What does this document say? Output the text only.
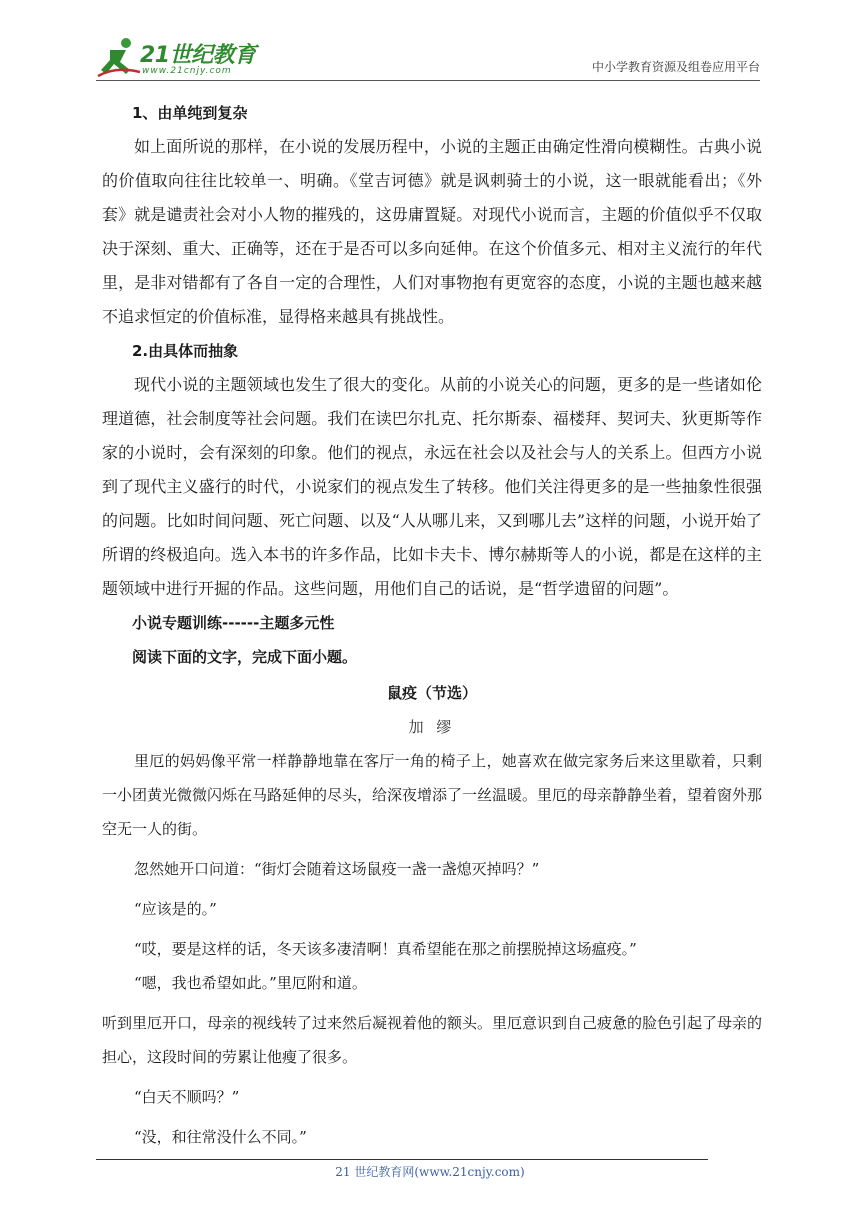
21世纪教育
www.21cnjy.com	中小学教育资源及组卷应用平台
1、由单纯到复杂

如上面所说的那样，在小说的发展历程中，小说的主题正由确定性滑向模糊性。古典小说的价值取向往往比较单一、明确。《堂吉诃德》就是讽刺骑士的小说，这一眼就能看出；《外套》就是谴责社会对小人物的摧残的，这毋庸置疑。对现代小说而言，主题的价值似乎不仅取决于深刻、重大、正确等，还在于是否可以多向延伸。在这个价值多元、相对主义流行的年代里，是非对错都有了各自一定的合理性，人们对事物抱有更宽容的态度，小说的主题也越来越不追求恒定的价值标准，显得格来越具有挑战性。

2.由具体而抽象

现代小说的主题领域也发生了很大的变化。从前的小说关心的问题，更多的是一些诸如伦理道德，社会制度等社会问题。我们在读巴尔扎克、托尔斯泰、福楼拜、契诃夫、狄更斯等作家的小说时，会有深刻的印象。他们的视点，永远在社会以及社会与人的关系上。但西方小说到了现代主义盛行的时代，小说家们的视点发生了转移。他们关注得更多的是一些抽象性很强的问题。比如时间问题、死亡问题、以及“人从哪儿来，又到哪儿去”这样的问题，小说开始了所谓的终极追向。选入本书的许多作品，比如卡夫卡、博尔赫斯等人的小说，都是在这样的主题领域中进行开掘的作品。这些问题，用他们自己的话说，是“哲学遗留的问题”。

小说专题训练------主题多元性
阅读下面的文字，完成下面小题。
鼠疫（节选）
加 缪

里厄的妈妈像平常一样静静地靠在客厅一角的椅子上，她喜欢在做完家务后来这里歇着，只剩一小团黄光微微闪烁在马路延伸的尽头，给深夜增添了一丝温暖。里厄的母亲静静坐着，望着窗外那空无一人的街。

忽然她开口问道：“街灯会随着这场鼠疫一盏一盏熄灭掉吗？”

“应该是的。”

“哎，要是这样的话，冬天该多凄清啊！真希望能在那之前摆脱掉这场瘟疫。”

“嗯，我也希望如此。”里厄附和道。

听到里厄开口，母亲的视线转了过来然后凝视着他的额头。里厄意识到自己疲惫的脸色引起了母亲的担心，这段时间的劳累让他瘦了很多。

“白天不顺吗？”

“没，和往常没什么不同。”

21 世纪教育网(www.21cnjy.com)
